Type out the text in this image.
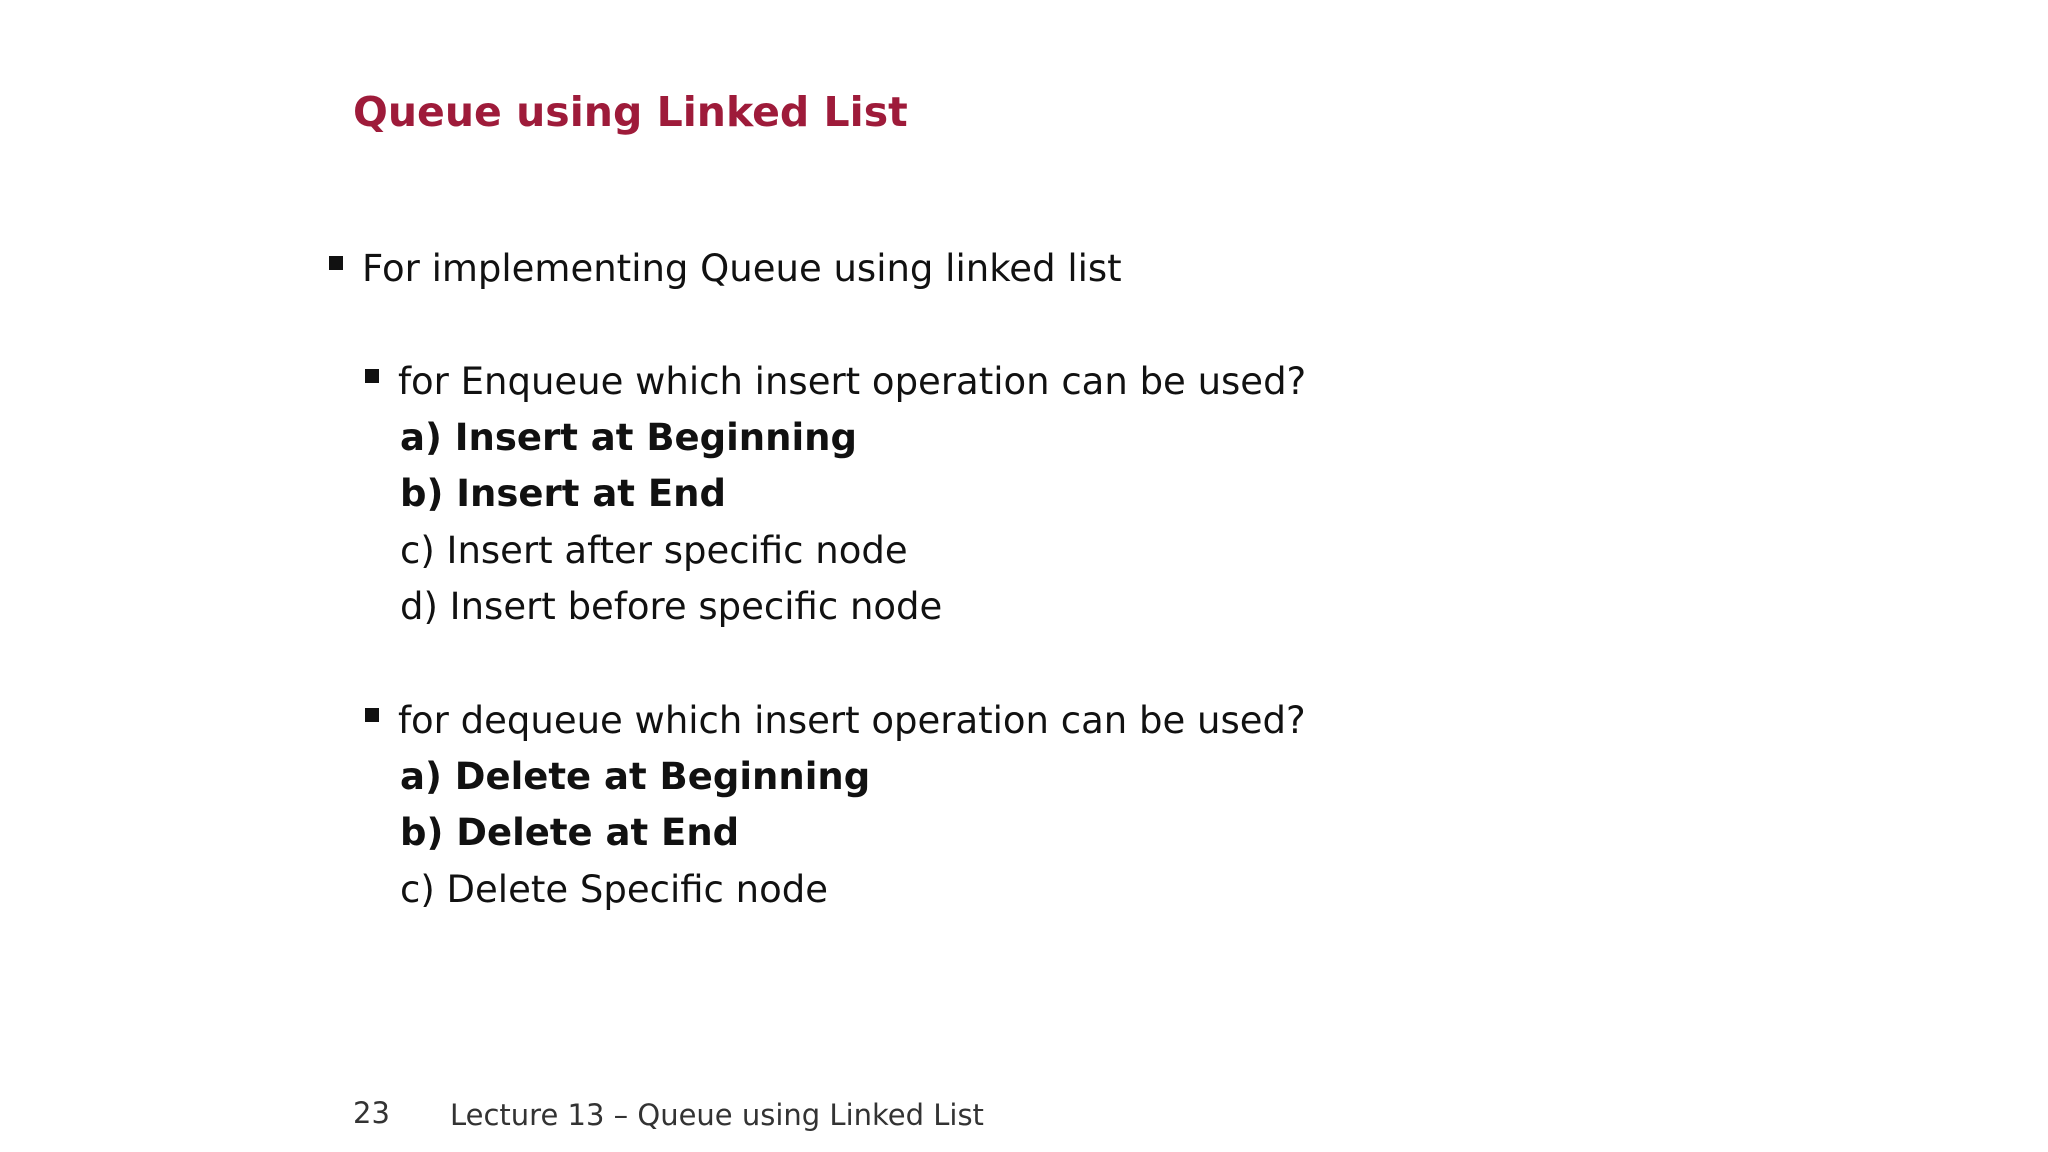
Queue using Linked List
For implementing Queue using linked list
for Enqueue which insert operation can be used?
a) Insert at Beginning
b) Insert at End
c) Insert after specific node
d) Insert before specific node
for dequeue which insert operation can be used?
a) Delete at Beginning
b) Delete at End
c) Delete Specific node
23 Lecture 13 – Queue using Linked List
